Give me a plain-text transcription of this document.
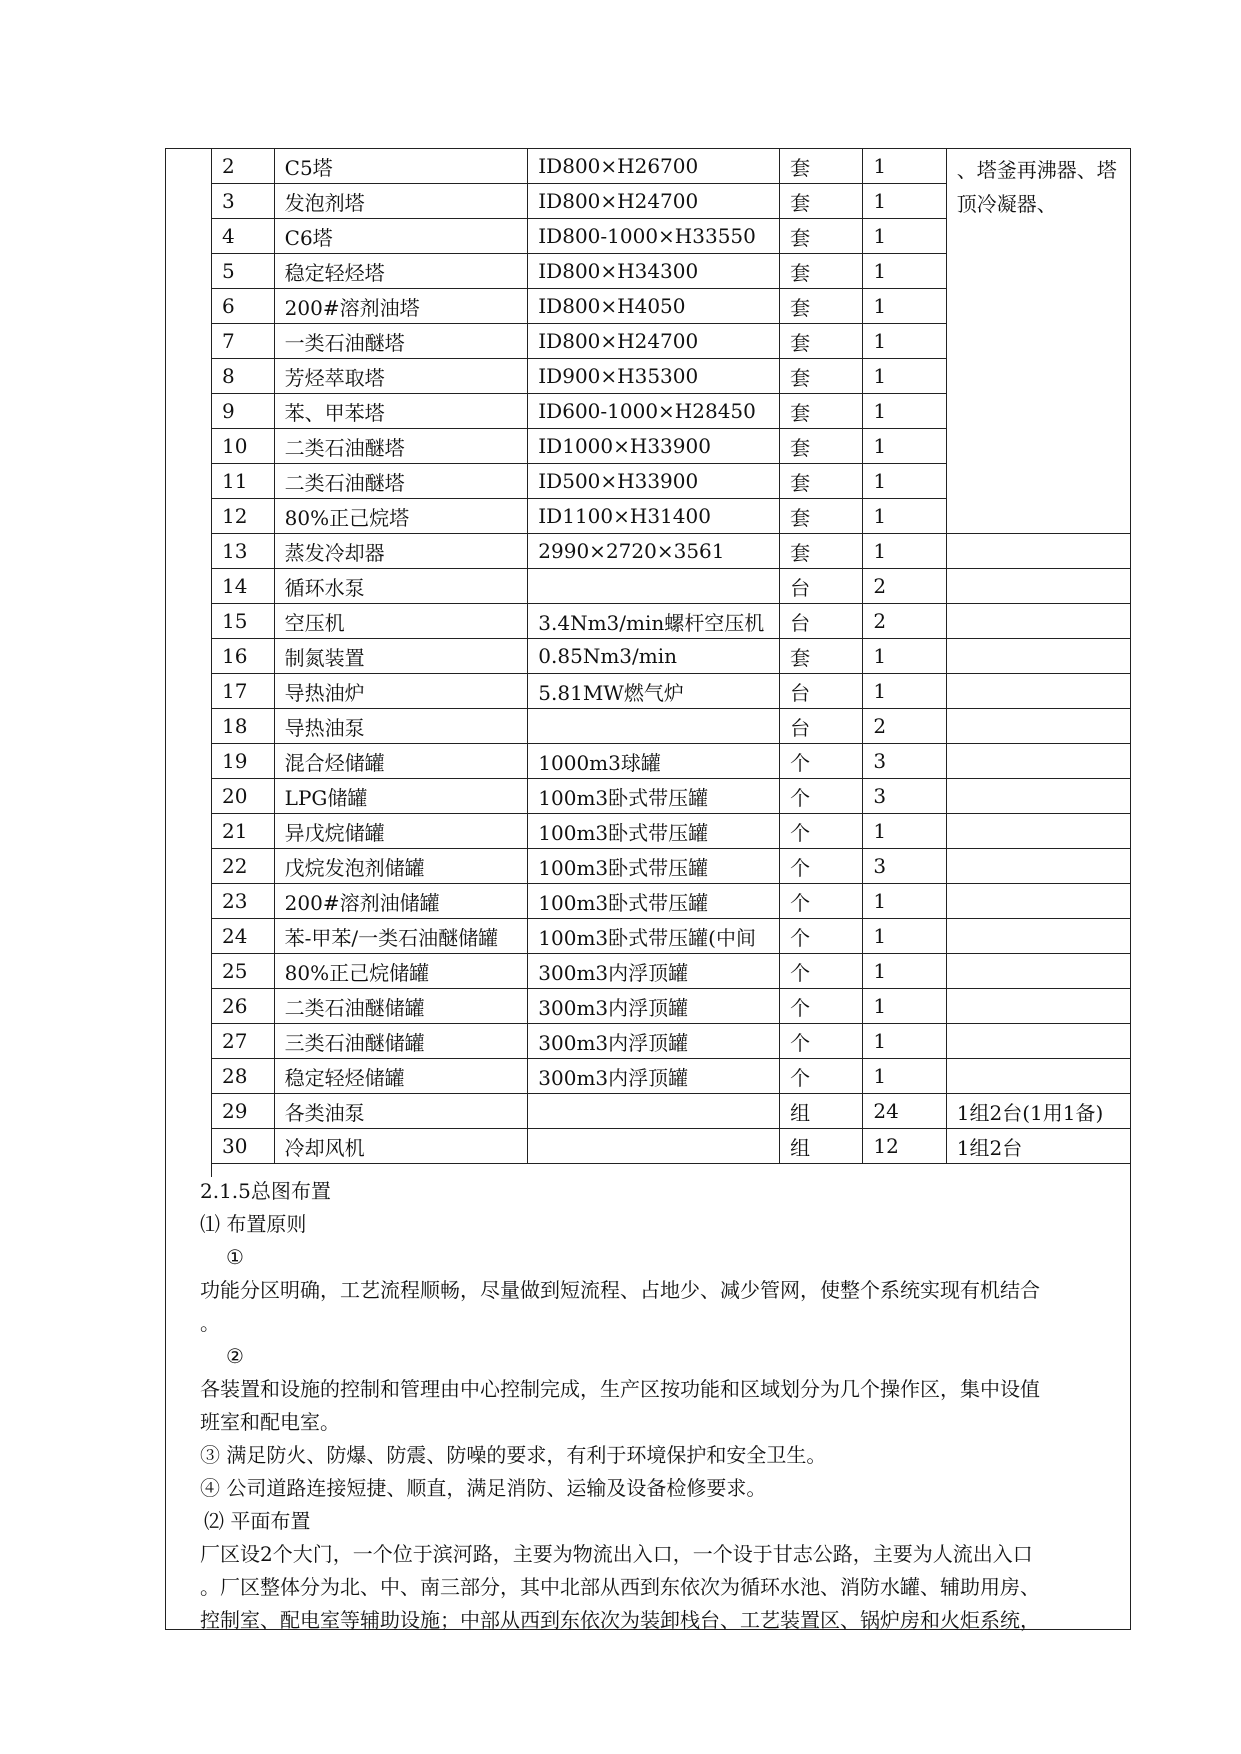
2	C5塔	ID800×H26700	套	1	、塔釜再沸器、塔顶冷凝器、
3	发泡剂塔	ID800×H24700	套	1	
4	C6塔	ID800-1000×H33550	套	1	
5	稳定轻烃塔	ID800×H34300	套	1	
6	200#溶剂油塔	ID800×H4050	套	1	
7	一类石油醚塔	ID800×H24700	套	1	
8	芳烃萃取塔	ID900×H35300	套	1	
9	苯、甲苯塔	ID600-1000×H28450	套	1	
10	二类石油醚塔	ID1000×H33900	套	1	
11	二类石油醚塔	ID500×H33900	套	1	
12	80%正己烷塔	ID1100×H31400	套	1	
13	蒸发冷却器	2990×2720×3561	套	1	
14	循环水泵		台	2	
15	空压机	3.4Nm3/min螺杆空压机	台	2	
16	制氮装置	0.85Nm3/min	套	1	
17	导热油炉	5.81MW燃气炉	台	1	
18	导热油泵		台	2	
19	混合烃储罐	1000m3球罐	个	3	
20	LPG储罐	100m3卧式带压罐	个	3	
21	异戊烷储罐	100m3卧式带压罐	个	1	
22	戊烷发泡剂储罐	100m3卧式带压罐	个	3	
23	200#溶剂油储罐	100m3卧式带压罐	个	1	
24	苯-甲苯/一类石油醚储罐	100m3卧式带压罐(中间	个	1	
25	80%正己烷储罐	300m3内浮顶罐	个	1	
26	二类石油醚储罐	300m3内浮顶罐	个	1	
27	三类石油醚储罐	300m3内浮顶罐	个	1	
28	稳定轻烃储罐	300m3内浮顶罐	个	1	
29	各类油泵		组	24	1组2台(1用1备)
30	冷却风机		组	12	1组2台

2.1.5总图布置

⑴ 布置原则

①

功能分区明确，工艺流程顺畅，尽量做到短流程、占地少、减少管网，使整个系统实现有机结合

。

②

各装置和设施的控制和管理由中心控制完成，生产区按功能和区域划分为几个操作区，集中设值

班室和配电室。

③ 满足防火、防爆、防震、防噪的要求，有利于环境保护和安全卫生。

④ 公司道路连接短捷、顺直，满足消防、运输及设备检修要求。

⑵ 平面布置

厂区设2个大门，一个位于滨河路，主要为物流出入口，一个设于甘志公路，主要为人流出入口

。厂区整体分为北、中、南三部分，其中北部从西到东依次为循环水池、消防水罐、辅助用房、

控制室、配电室等辅助设施；中部从西到东依次为装卸栈台、工艺装置区、锅炉房和火炬系统，
